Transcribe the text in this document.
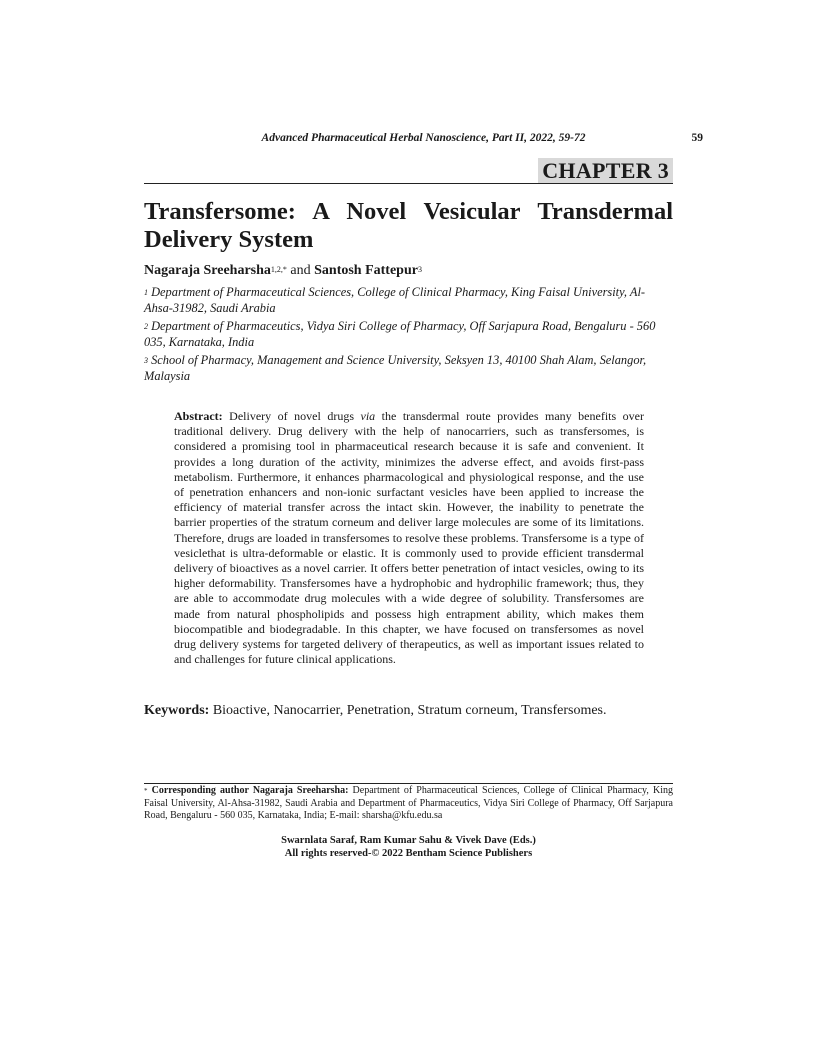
Advanced Pharmaceutical Herbal Nanoscience, Part II, 2022, 59-72	59
CHAPTER 3
Transfersome: A Novel Vesicular Transdermal Delivery System
Nagaraja Sreeharsha$^{1,2,*}$ and Santosh Fattepur$^3$
$^1$ Department of Pharmaceutical Sciences, College of Clinical Pharmacy, King Faisal University, Al-Ahsa-31982, Saudi Arabia
$^2$ Department of Pharmaceutics, Vidya Siri College of Pharmacy, Off Sarjapura Road, Bengaluru - 560 035, Karnataka, India
$^3$ School of Pharmacy, Management and Science University, Seksyen 13, 40100 Shah Alam, Selangor, Malaysia

Abstract: Delivery of novel drugs via the transdermal route provides many benefits over traditional delivery. Drug delivery with the help of nanocarriers, such as transfersomes, is considered a promising tool in pharmaceutical research because it is safe and convenient. It provides a long duration of the activity, minimizes the adverse effect, and avoids first-pass metabolism. Furthermore, it enhances pharmacological and physiological response, and the use of penetration enhancers and non-ionic surfactant vesicles have been applied to increase the efficiency of material transfer across the intact skin. However, the inability to penetrate the barrier properties of the stratum corneum and deliver large molecules are some of its limitations. Therefore, drugs are loaded in transfersomes to resolve these problems. Transfersome is a type of vesiclethat is ultra-deformable or elastic. It is commonly used to provide efficient transdermal delivery of bioactives as a novel carrier. It offers better penetration of intact vesicles, owing to its higher deformability. Transfersomes have a hydrophobic and hydrophilic framework; thus, they are able to accommodate drug molecules with a wide degree of solubility. Transfersomes are made from natural phospholipids and possess high entrapment ability, which makes them biocompatible and biodegradable. In this chapter, we have focused on transfersomes as novel drug delivery systems for targeted delivery of therapeutics, as well as important issues related to and challenges for future clinical applications.

Keywords: Bioactive, Nanocarrier, Penetration, Stratum corneum, Transfersomes.

* Corresponding author Nagaraja Sreeharsha: Department of Pharmaceutical Sciences, College of Clinical Pharmacy, King Faisal University, Al-Ahsa-31982, Saudi Arabia and Department of Pharmaceutics, Vidya Siri College of Pharmacy, Off Sarjapura Road, Bengaluru - 560 035, Karnataka, India; E-mail: sharsha@kfu.edu.sa

Swarnlata Saraf, Ram Kumar Sahu & Vivek Dave (Eds.)
All rights reserved-© 2022 Bentham Science Publishers
